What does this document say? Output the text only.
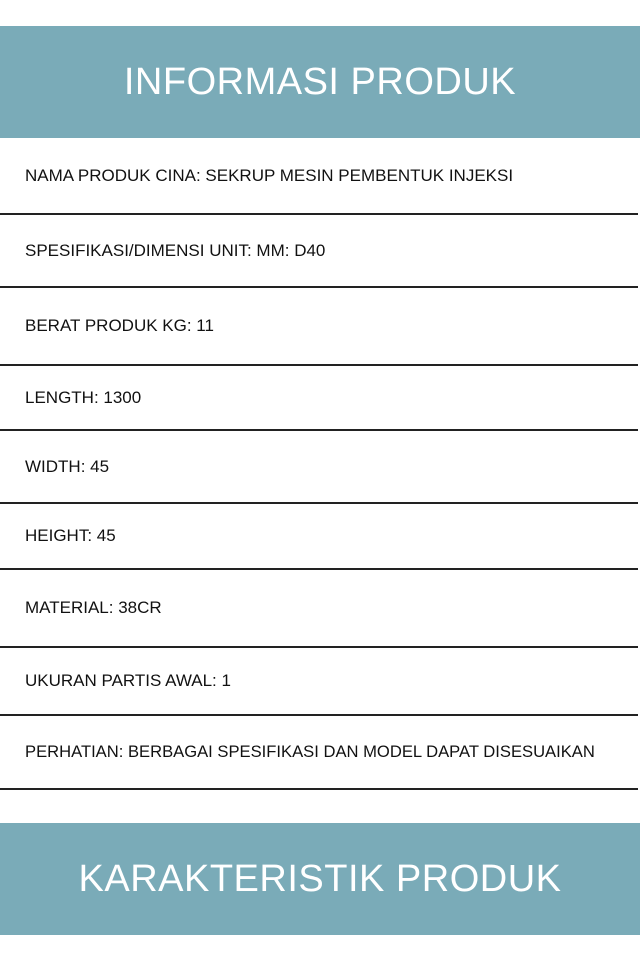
INFORMASI PRODUK
NAMA PRODUK CINA: SEKRUP MESIN PEMBENTUK INJEKSI
SPESIFIKASI/DIMENSI UNIT: MM: D40
BERAT PRODUK KG: 11
LENGTH: 1300
WIDTH: 45
HEIGHT: 45
MATERIAL: 38CR
UKURAN PARTIS AWAL: 1
PERHATIAN: BERBAGAI SPESIFIKASI DAN MODEL DAPAT DISESUAIKAN
KARAKTERISTIK PRODUK
